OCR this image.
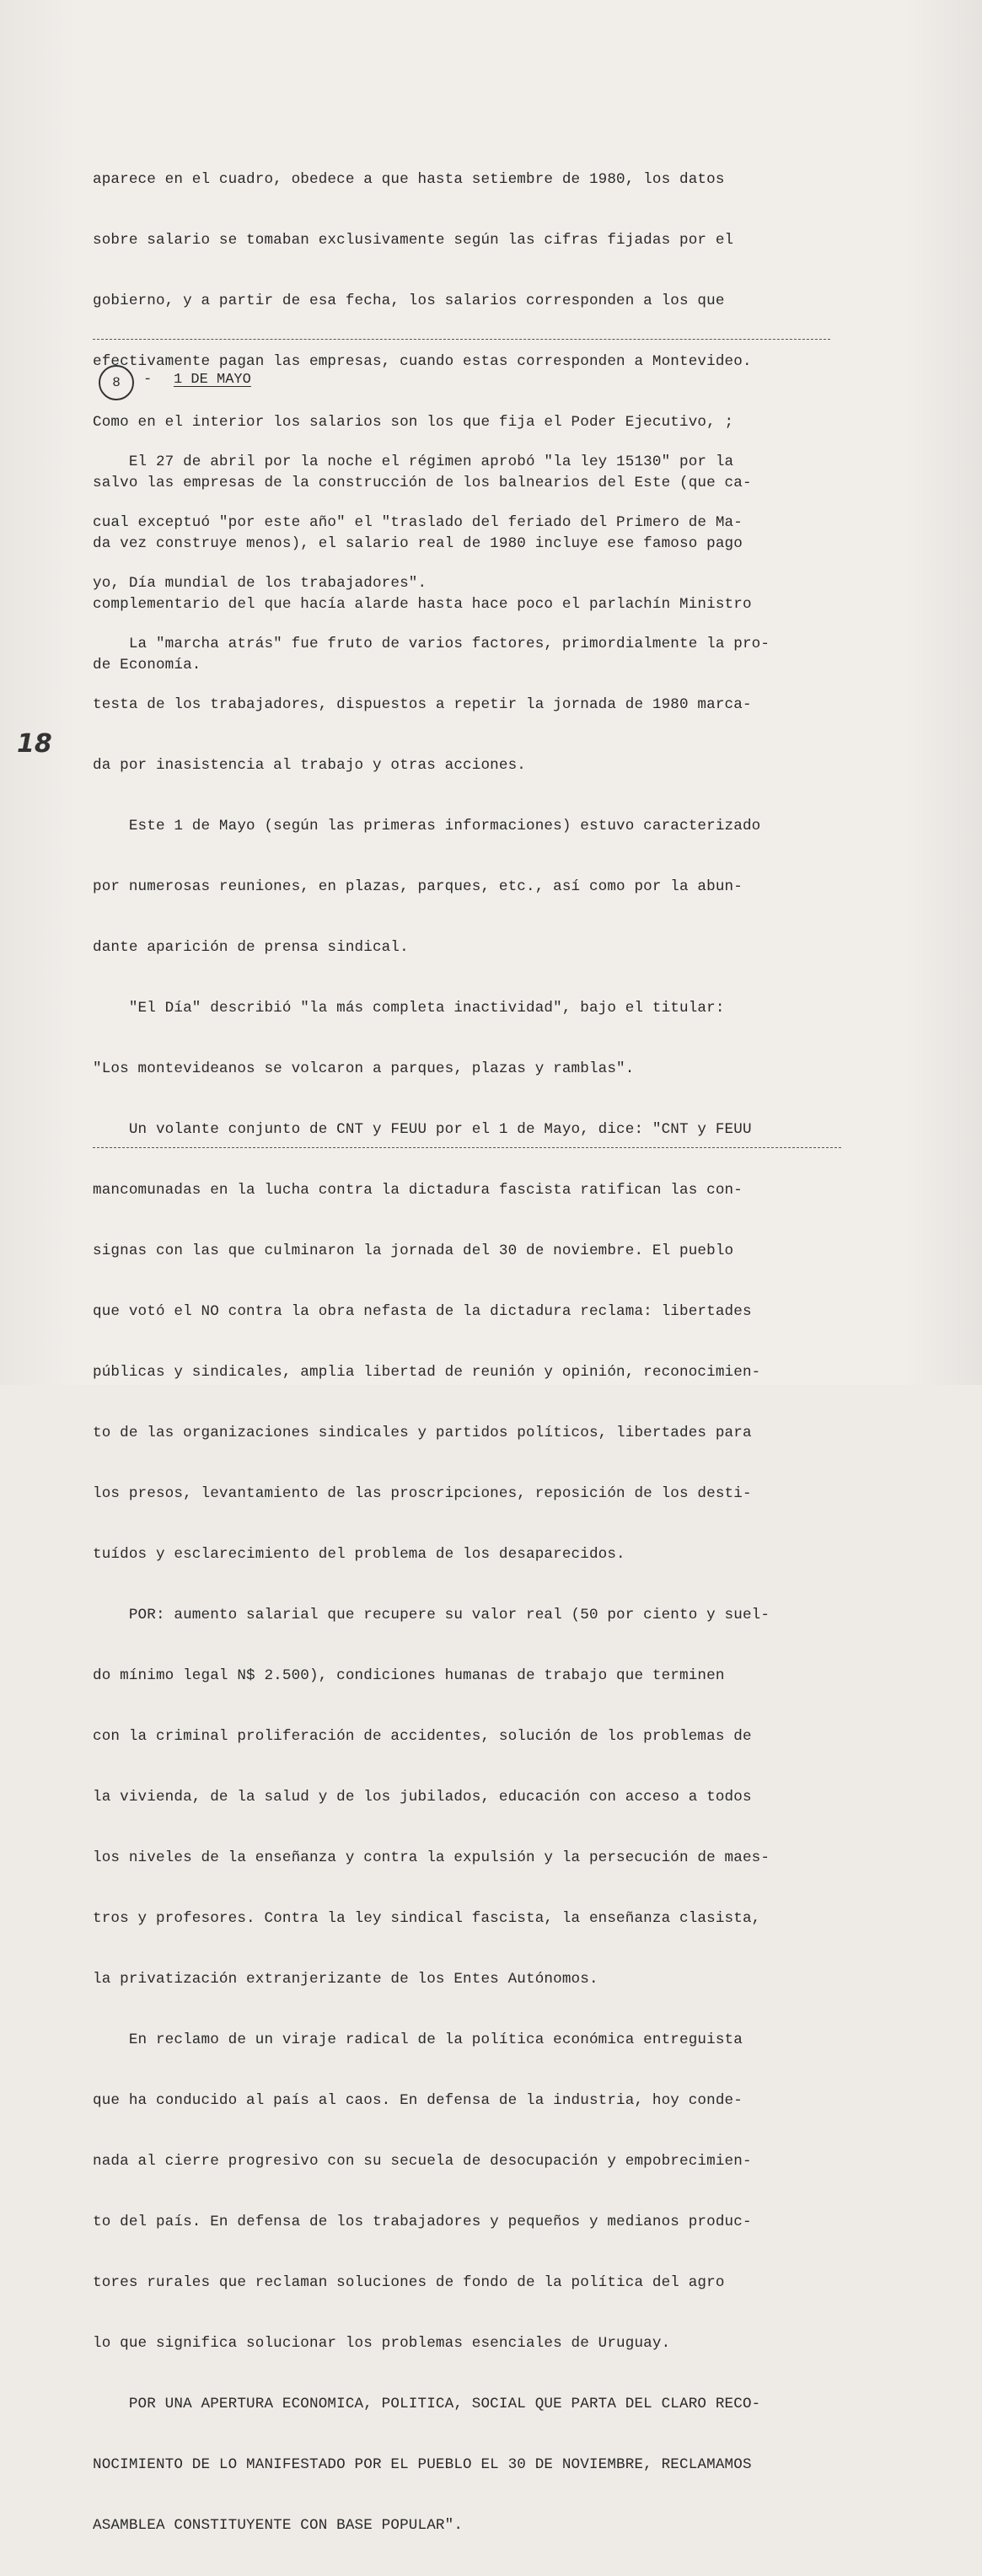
aparece en el cuadro, obedece a que hasta setiembre de 1980, los datos

sobre salario se tomaban exclusivamente según las cifras fijadas por el

gobierno, y a partir de esa fecha, los salarios corresponden a los que

efectivamente pagan las empresas, cuando estas corresponden a Montevideo.

Como en el interior los salarios son los que fija el Poder Ejecutivo, ;

salvo las empresas de la construcción de los balnearios del Este (que ca-

da vez construye menos), el salario real de 1980 incluye ese famoso pago

complementario del que hacía alarde hasta hace poco el parlachín Ministro

de Economía.

8	- 1 DE MAYO

El 27 de abril por la noche el régimen aprobó "la ley 15130" por la

cual exceptuó "por este año" el "traslado del feriado del Primero de Ma-

yo, Día mundial de los trabajadores".

La "marcha atrás" fue fruto de varios factores, primordialmente la pro-

testa de los trabajadores, dispuestos a repetir la jornada de 1980 marca-

da por inasistencia al trabajo y otras acciones.

Este 1 de Mayo (según las primeras informaciones) estuvo caracterizado

por numerosas reuniones, en plazas, parques, etc., así como por la abun-

dante aparición de prensa sindical.

"El Día" describió "la más completa inactividad", bajo el titular:

"Los montevideanos se volcaron a parques, plazas y ramblas".

Un volante conjunto de CNT y FEUU por el 1 de Mayo, dice: "CNT y FEUU

mancomunadas en la lucha contra la dictadura fascista ratifican las con-

signas con las que culminaron la jornada del 30 de noviembre. El pueblo

que votó el NO contra la obra nefasta de la dictadura reclama: libertades

públicas y sindicales, amplia libertad de reunión y opinión, reconocimien-

to de las organizaciones sindicales y partidos políticos, libertades para

los presos, levantamiento de las proscripciones, reposición de los desti-

tuídos y esclarecimiento del problema de los desaparecidos.

POR: aumento salarial que recupere su valor real (50 por ciento y suel-

do mínimo legal N$ 2.500), condiciones humanas de trabajo que terminen

con la criminal proliferación de accidentes, solución de los problemas de

la vivienda, de la salud y de los jubilados, educación con acceso a todos

los niveles de la enseñanza y contra la expulsión y la persecución de maes-

tros y profesores. Contra la ley sindical fascista, la enseñanza clasista,

la privatización extranjerizante de los Entes Autónomos.

En reclamo de un viraje radical de la política económica entreguista

que ha conducido al país al caos. En defensa de la industria, hoy conde-

nada al cierre progresivo con su secuela de desocupación y empobrecimien-

to del país. En defensa de los trabajadores y pequeños y medianos produc-

tores rurales que reclaman soluciones de fondo de la política del agro

lo que significa solucionar los problemas esenciales de Uruguay.

POR UNA APERTURA ECONOMICA, POLITICA, SOCIAL QUE PARTA DEL CLARO RECO-

NOCIMIENTO DE LO MANIFESTADO POR EL PUEBLO EL 30 DE NOVIEMBRE, RECLAMAMOS

ASAMBLEA CONSTITUYENTE CON BASE POPULAR".

18
